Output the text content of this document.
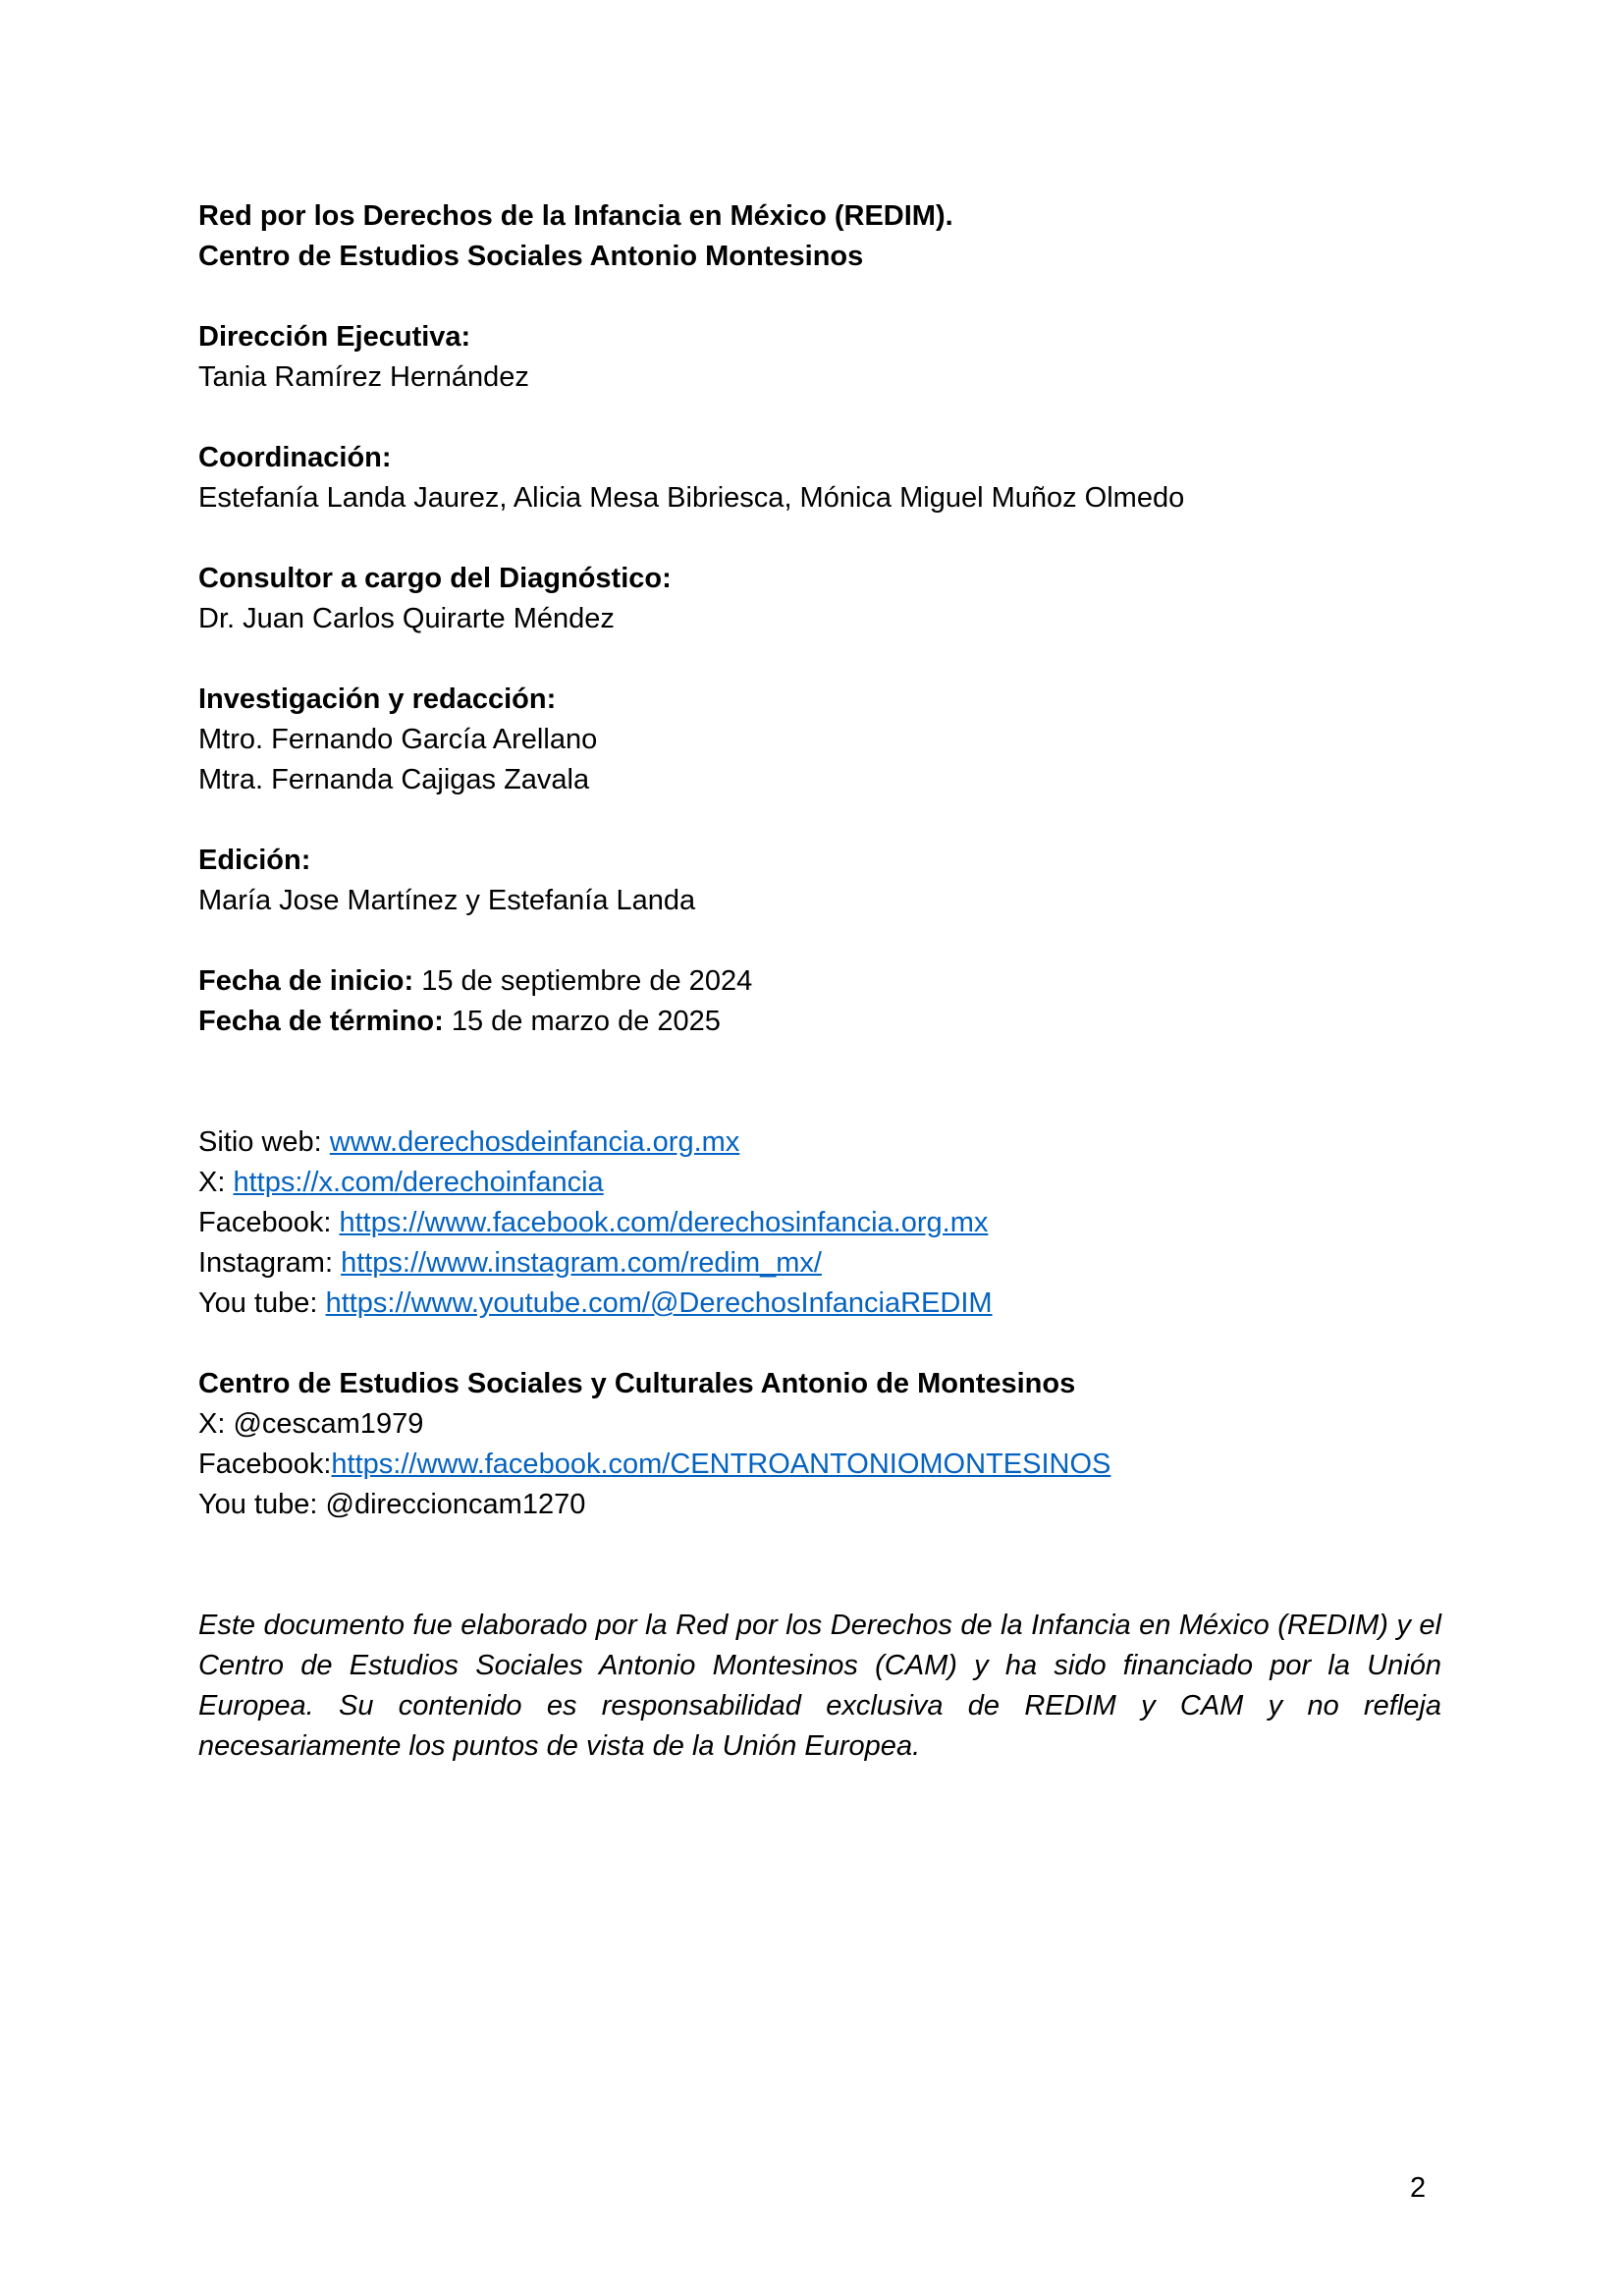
Red por los Derechos de la Infancia en México (REDIM).
Centro de Estudios Sociales Antonio Montesinos
Dirección Ejecutiva:
Tania Ramírez Hernández
Coordinación:
Estefanía Landa Jaurez, Alicia Mesa Bibriesca, Mónica Miguel Muñoz Olmedo
Consultor a cargo del Diagnóstico:
Dr. Juan Carlos Quirarte Méndez
Investigación y redacción:
Mtro. Fernando García Arellano
Mtra. Fernanda Cajigas Zavala
Edición:
María Jose Martínez y Estefanía Landa
Fecha de inicio: 15 de septiembre de 2024
Fecha de término: 15 de marzo de 2025
Sitio web: www.derechosdeinfancia.org.mx
X: https://x.com/derechoinfancia
Facebook: https://www.facebook.com/derechosinfancia.org.mx
Instagram: https://www.instagram.com/redim_mx/
You tube: https://www.youtube.com/@DerechosInfanciaREDIM
Centro de Estudios Sociales y Culturales Antonio de Montesinos
X: @cescam1979
Facebook:https://www.facebook.com/CENTROANTONIOMONTESINOS
You tube: @direccioncam1270

Este documento fue elaborado por la Red por los Derechos de la Infancia en México (REDIM) y el Centro de Estudios Sociales Antonio Montesinos (CAM) y ha sido financiado por la Unión Europea. Su contenido es responsabilidad exclusiva de REDIM y CAM y no refleja necesariamente los puntos de vista de la Unión Europea.

2
